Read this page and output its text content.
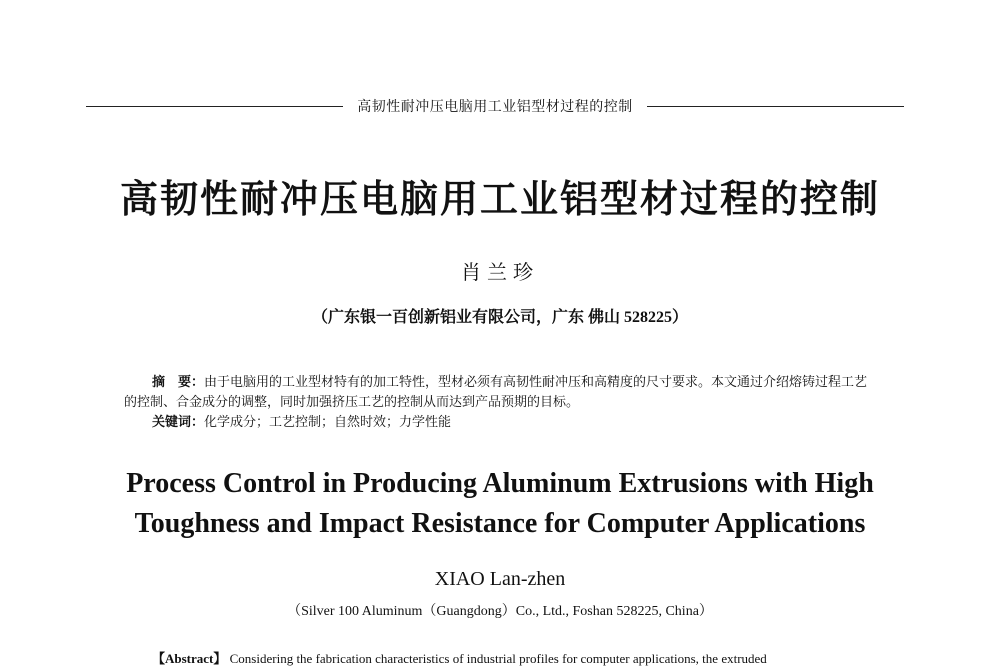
高韧性耐冲压电脑用工业铝型材过程的控制
高韧性耐冲压电脑用工业铝型材过程的控制
肖兰珍
（广东银一百创新铝业有限公司，广东 佛山 528225）

摘　要：由于电脑用的工业型材特有的加工特性，型材必须有高韧性耐冲压和高精度的尺寸要求。本文通过介绍熔铸过程工艺的控制、合金成分的调整，同时加强挤压工艺的控制从而达到产品预期的目标。

关键词：化学成分；工艺控制；自然时效；力学性能

Process Control in Producing Aluminum Extrusions with High
Toughness and Impact Resistance for Computer Applications
XIAO Lan-zhen
（Silver 100 Aluminum（Guangdong）Co., Ltd., Foshan 528225, China）
【Abstract】 Considering the fabrication characteristics of industrial profiles for computer applications, the extruded
